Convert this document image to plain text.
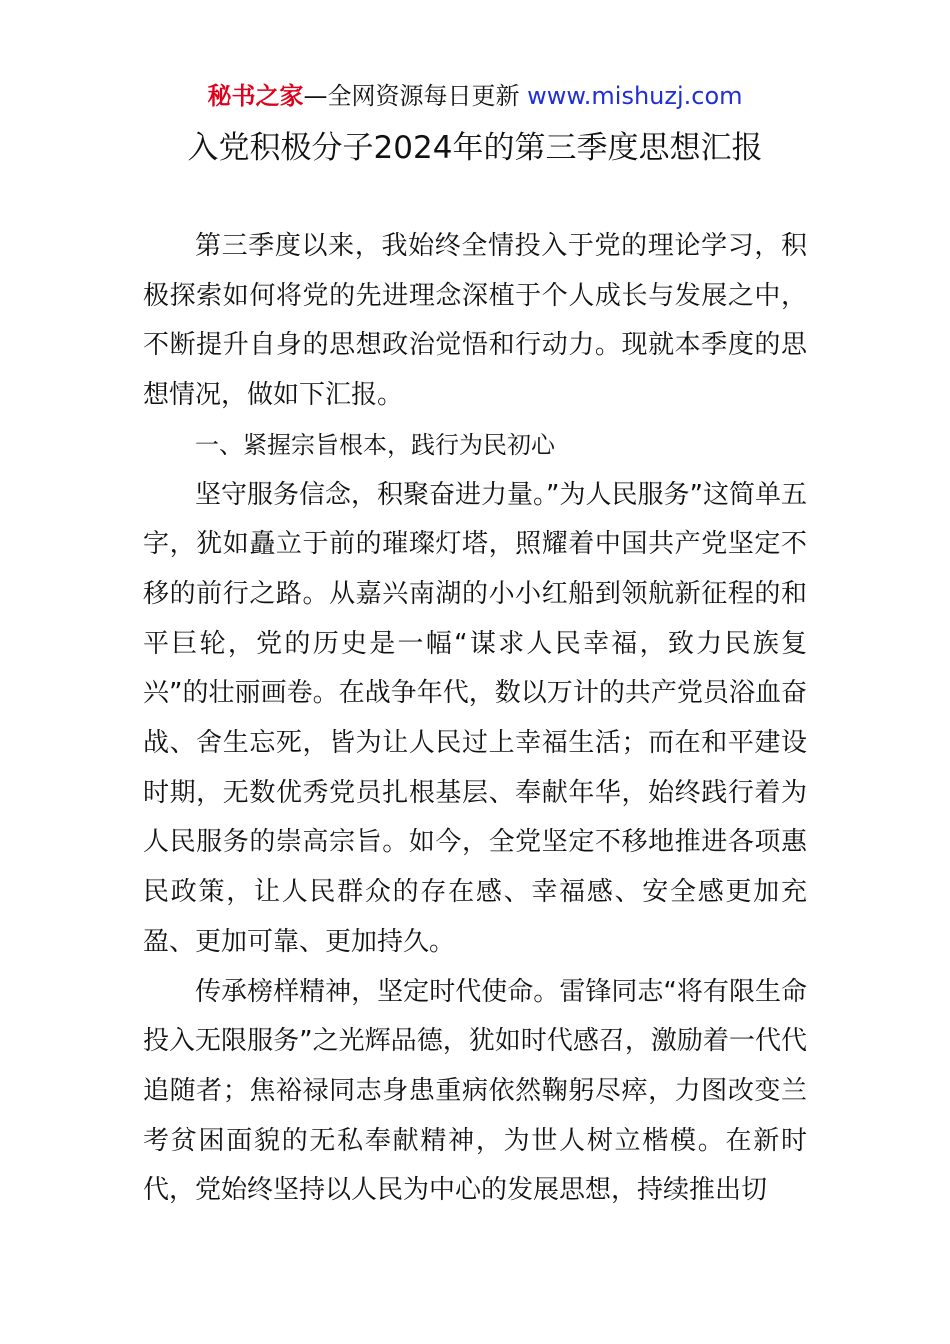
秘书之家—全网资源每日更新 www.mishuzj.com
入党积极分子2024年的第三季度思想汇报

第三季度以来，我始终全情投入于党的理论学习，积极探索如何将党的先进理念深植于个人成长与发展之中，不断提升自身的思想政治觉悟和行动力。现就本季度的思想情况，做如下汇报。

一、紧握宗旨根本，践行为民初心

坚守服务信念，积聚奋进力量。”为人民服务”这简单五字，犹如矗立于前的璀璨灯塔，照耀着中国共产党坚定不移的前行之路。从嘉兴南湖的小小红船到领航新征程的和平巨轮，党的历史是一幅“谋求人民幸福，致力民族复兴”的壮丽画卷。在战争年代，数以万计的共产党员浴血奋战、舍生忘死，皆为让人民过上幸福生活；而在和平建设时期，无数优秀党员扎根基层、奉献年华，始终践行着为人民服务的崇高宗旨。如今，全党坚定不移地推进各项惠民政策，让人民群众的存在感、幸福感、安全感更加充盈、更加可靠、更加持久。

传承榜样精神，坚定时代使命。雷锋同志“将有限生命投入无限服务”之光辉品德，犹如时代感召，激励着一代代追随者；焦裕禄同志身患重病依然鞠躬尽瘁，力图改变兰考贫困面貌的无私奉献精神，为世人树立楷模。在新时代，党始终坚持以人民为中心的发展思想，持续推出切
